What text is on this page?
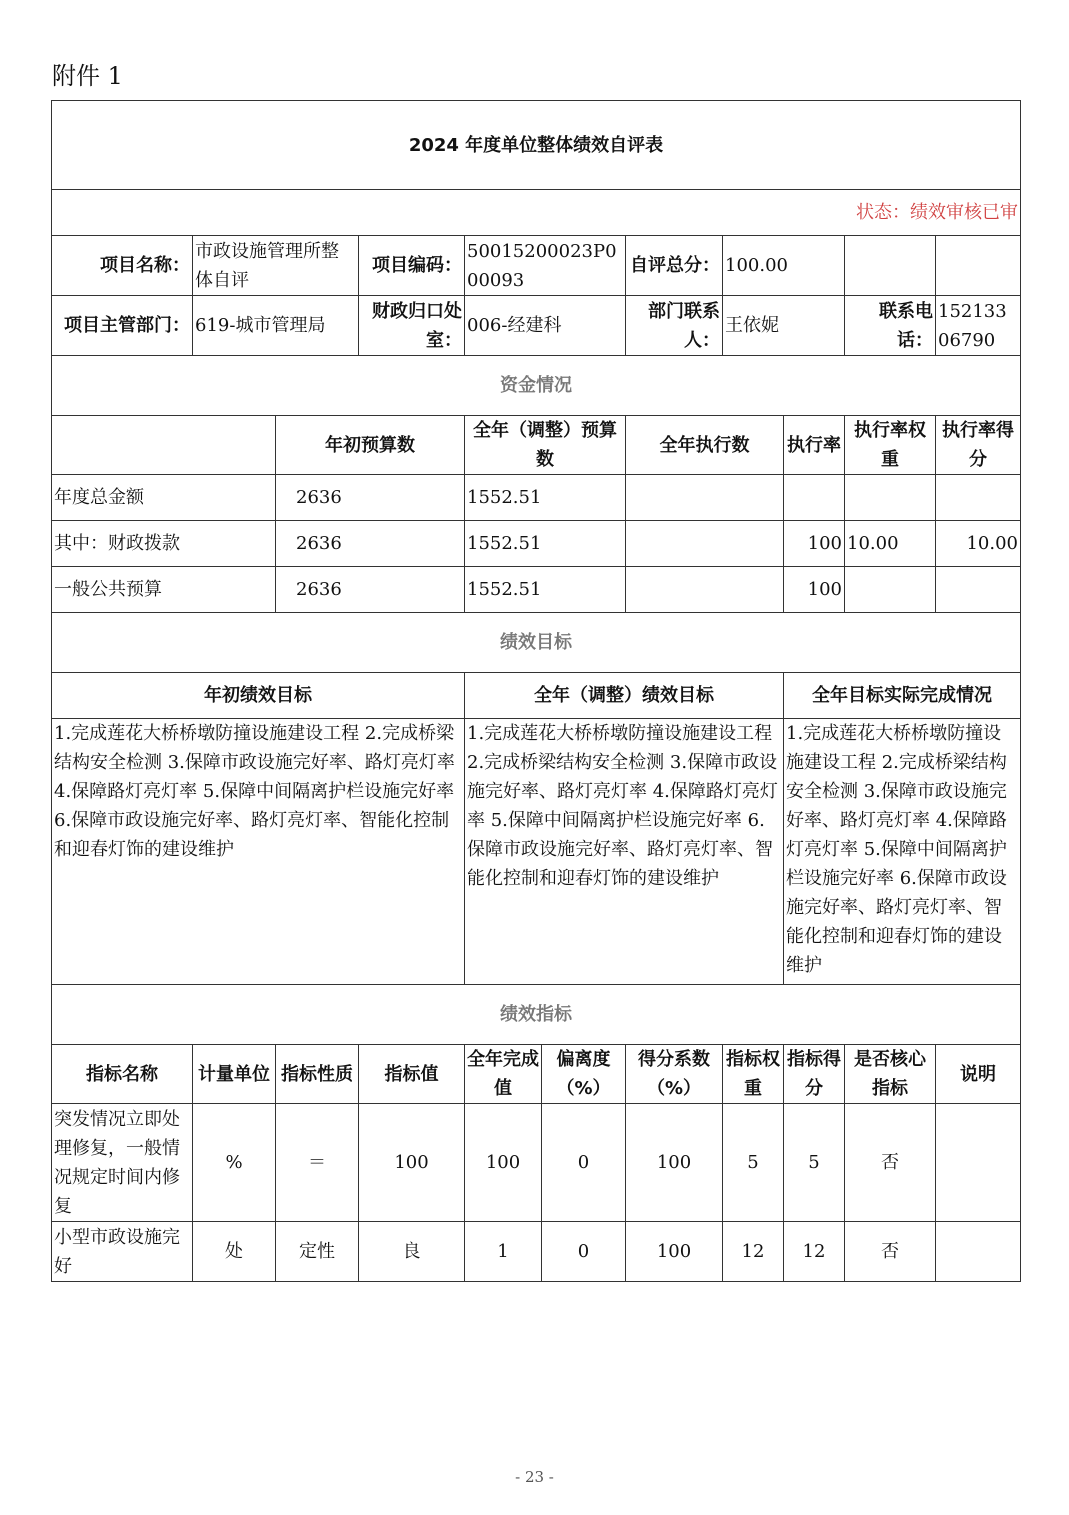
附件 1
2024 年度单位整体绩效自评表									
状态：绩效审核已审									
项目名称：	市政设施管理所整体自评		项目编码：	50015200023P000093	自评总分：	100.00			
项目主管部门：	619-城市管理局		财政归口处室：	006-经建科	部门联系人：	王依妮		联系电话：	15213306790
资金情况									
		年初预算数		全年（调整）预算数	全年执行数		执行率	执行率权重	执行率得分
年度总金额		2636		1552.51					
其中：财政拨款		2636		1552.51			100	10.00	10.00
一般公共预算		2636		1552.51			100		
绩效目标									
年初绩效目标				全年（调整）绩效目标			全年目标实际完成情况		
1.完成莲花大桥桥墩防撞设施建设工程 2.完成桥梁结构安全检测 3.保障市政设施完好率、路灯亮灯率 4.保障路灯亮灯率 5.保障中间隔离护栏设施完好率 6.保障市政设施完好率、路灯亮灯率、智能化控制和迎春灯饰的建设维护				1.完成莲花大桥桥墩防撞设施建设工程 2.完成桥梁结构安全检测 3.保障市政设施完好率、路灯亮灯率 4.保障路灯亮灯率 5.保障中间隔离护栏设施完好率 6.保障市政设施完好率、路灯亮灯率、智能化控制和迎春灯饰的建设维护			1.完成莲花大桥桥墩防撞设施建设工程 2.完成桥梁结构安全检测 3.保障市政设施完好率、路灯亮灯率 4.保障路灯亮灯率 5.保障中间隔离护栏设施完好率 6.保障市政设施完好率、路灯亮灯率、智能化控制和迎春灯饰的建设维护		
绩效指标									
指标名称	计量单位	指标性质	指标值	全年完成值	偏离度（%）	得分系数（%）	指标权重	指标得分	是否核心指标	说明
突发情况立即处理修复，一般情况规定时间内修复	%	＝	100	100	0	100	5	5	否	
小型市政设施完好	处	定性	良	1	0	100	12	12	否	
- 23 -
